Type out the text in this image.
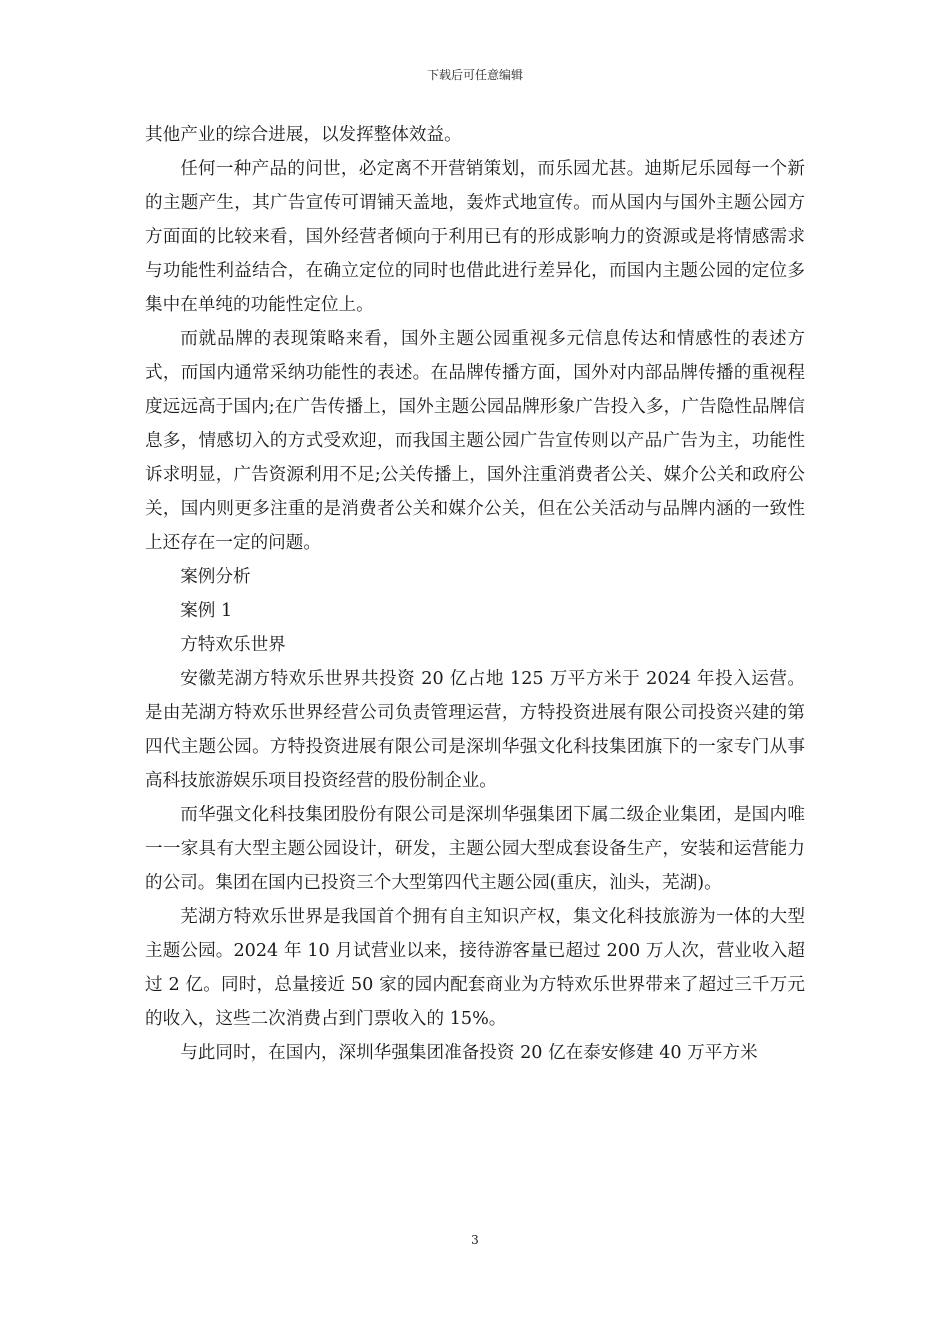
下载后可任意编辑

其他产业的综合进展，以发挥整体效益。

任何一种产品的问世，必定离不开营销策划，而乐园尤甚。迪斯尼乐园每一个新的主题产生，其广告宣传可谓铺天盖地，轰炸式地宣传。而从国内与国外主题公园方方面面的比较来看，国外经营者倾向于利用已有的形成影响力的资源或是将情感需求与功能性利益结合，在确立定位的同时也借此进行差异化，而国内主题公园的定位多集中在单纯的功能性定位上。

而就品牌的表现策略来看，国外主题公园重视多元信息传达和情感性的表述方式，而国内通常采纳功能性的表述。在品牌传播方面，国外对内部品牌传播的重视程度远远高于国内;在广告传播上，国外主题公园品牌形象广告投入多，广告隐性品牌信息多，情感切入的方式受欢迎，而我国主题公园广告宣传则以产品广告为主，功能性诉求明显，广告资源利用不足;公关传播上，国外注重消费者公关、媒介公关和政府公关，国内则更多注重的是消费者公关和媒介公关，但在公关活动与品牌内涵的一致性上还存在一定的问题。

案例分析

案例 1

方特欢乐世界

安徽芜湖方特欢乐世界共投资 20 亿占地 125 万平方米于 2024 年投入运营。是由芜湖方特欢乐世界经营公司负责管理运营，方特投资进展有限公司投资兴建的第四代主题公园。方特投资进展有限公司是深圳华强文化科技集团旗下的一家专门从事高科技旅游娱乐项目投资经营的股份制企业。

而华强文化科技集团股份有限公司是深圳华强集团下属二级企业集团，是国内唯一一家具有大型主题公园设计，研发，主题公园大型成套设备生产，安装和运营能力的公司。集团在国内已投资三个大型第四代主题公园(重庆，汕头，芜湖)。

芜湖方特欢乐世界是我国首个拥有自主知识产权，集文化科技旅游为一体的大型主题公园。2024 年 10 月试营业以来，接待游客量已超过 200 万人次，营业收入超过 2 亿。同时，总量接近 50 家的园内配套商业为方特欢乐世界带来了超过三千万元的收入，这些二次消费占到门票收入的 15%。

与此同时，在国内，深圳华强集团准备投资 20 亿在泰安修建 40 万平方米

3
